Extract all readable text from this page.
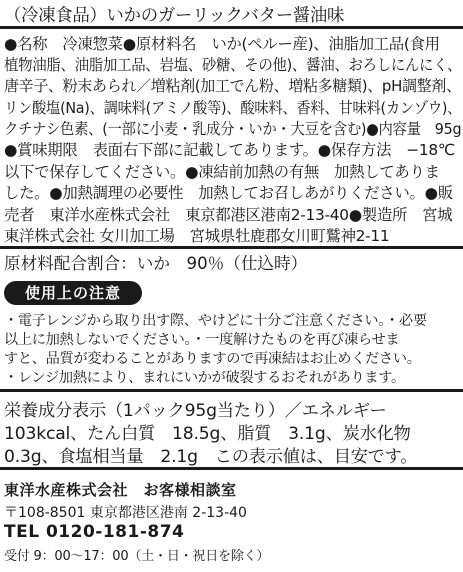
（冷凍食品）いかのガーリックバター醤油味
●名称　冷凍惣菜●原材料名　いか(ペルー産)、油脂加工品(食用
植物油脂、油脂加工品、岩塩、砂糖、その他)、醤油、おろしにんにく、
唐辛子、粉末あられ／増粘剤(加工でん粉、増粘多糖類)、pH調整剤、
リン酸塩(Na)、調味料(アミノ酸等)、酸味料、香料、甘味料(カンゾウ)、
クチナシ色素、(一部に小麦・乳成分・いか・大豆を含む)●内容量　95g
●賞味期限　表面右下部に記載してあります。●保存方法　−18℃
以下で保存してください。●凍結前加熱の有無　加熱してありま
した。●加熱調理の必要性　加熱してお召しあがりください。●販
売者　東洋水産株式会社　東京都港区港南2-13-40●製造所　宮城
東洋株式会社 女川加工場　宮城県牡鹿郡女川町鷲神2-11
原材料配合割合：いか　90％（仕込時）
使用上の注意
・電子レンジから取り出す際、やけどに十分ご注意ください。・必要
以上に加熱しないでください。・一度解けたものを再び凍らせま
すと、品質が変わることがありますので再凍結はお止めください。
・レンジ加熱により、まれにいかが破裂するおそれがあります。
栄養成分表示（1パック95g当たり）／エネルギー
103kcal、たん白質　18.5g、脂質　3.1g、炭水化物
0.3g、食塩相当量　2.1g　この表示値は、目安です。
東洋水産株式会社　お客様相談室
〒108-8501 東京都港区港南 2-13-40
TEL 0120-181-874
受付 9：00〜17：00（土・日・祝日を除く）
